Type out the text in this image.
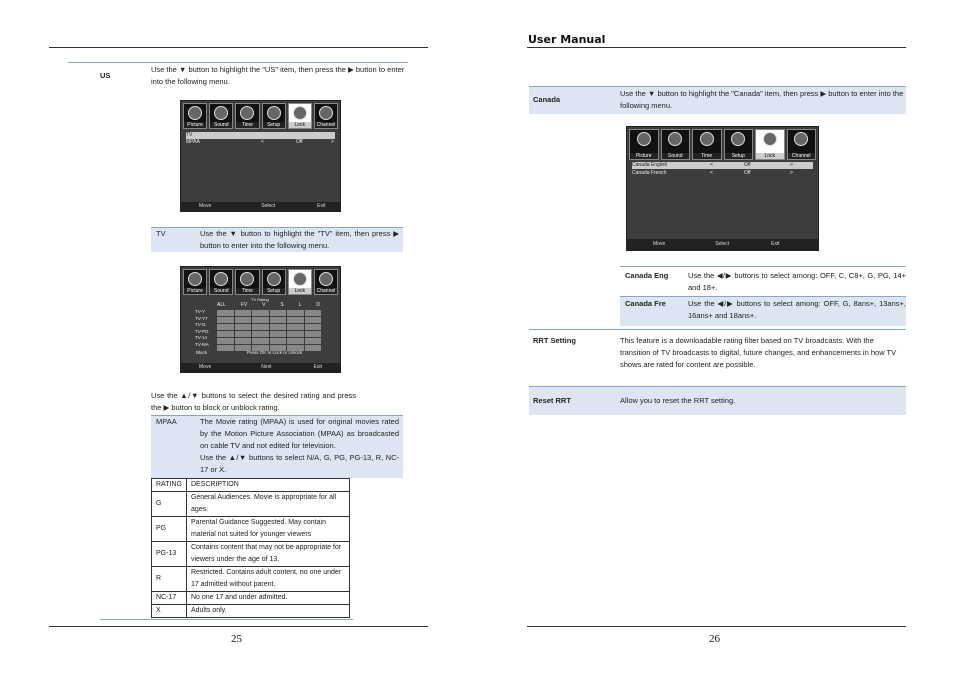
US
Use the ▼ button to highlight the "US" item, then press the ▶ button to enter into the following menu.
Picture	Sound	Time	Setup	Lock	Channel
TV
MPAA	<	Off	>
Move	Select	Exit
TV	Use the ▼ button to highlight the "TV" item, then press ▶ button to enter into the following menu.
Picture	Sound	Time	Setup	Lock	Channel
TV Rating
ALL	FV	V	S	L	D
TV-Y
TV-Y7
TV-G
TV-PG
TV-14
TV-MA
Block	Press OK to Lock or Unlock
Move	Next	Exit
Use the ▲/▼ buttons to select the desired rating and press the ▶ button to block or unblock rating.
MPAA	The Movie rating (MPAA) is used for original movies rated by the Motion Picture Association (MPAA) as broadcasted on cable TV and not edited for television.
Use the ▲/▼ buttons to select N/A, G, PG, PG-13, R, NC-17 or X.
RATING	DESCRIPTION
G	General Audiences. Movie is appropriate for all ages.
PG	Parental Guidance Suggested. May contain material not suited for younger viewers
PG-13	Contains content that may not be appropriate for viewers under the age of 13.
R	Restricted. Contains adult content, no one under 17 admitted without parent.
NC-17	No one 17 and under admitted.
X	Adults only.
25
User Manual
Canada
Use the ▼ button to highlight the "Canada" item, then press ▶ button to enter into the following menu.
Picture	Sound	Time	Setup	Lock	Channel
Canada English	<	Off	>
Canada French	<	Off	>
Move	Select	Exit
Canada Eng	Use the ◀/▶ buttons to select among: OFF, C, C8+, G, PG, 14+ and 18+.
Canada Fre	Use the ◀/▶ buttons to select among: OFF, G, 8ans+, 13ans+, 16ans+ and 18ans+.
RRT Setting	This feature is a downloadable rating filter based on TV broadcasts. With the transition of TV broadcasts to digital, future changes, and enhancements in how TV shows are rated for content are possible.
Reset RRT	Allow you to reset the RRT setting.
26
